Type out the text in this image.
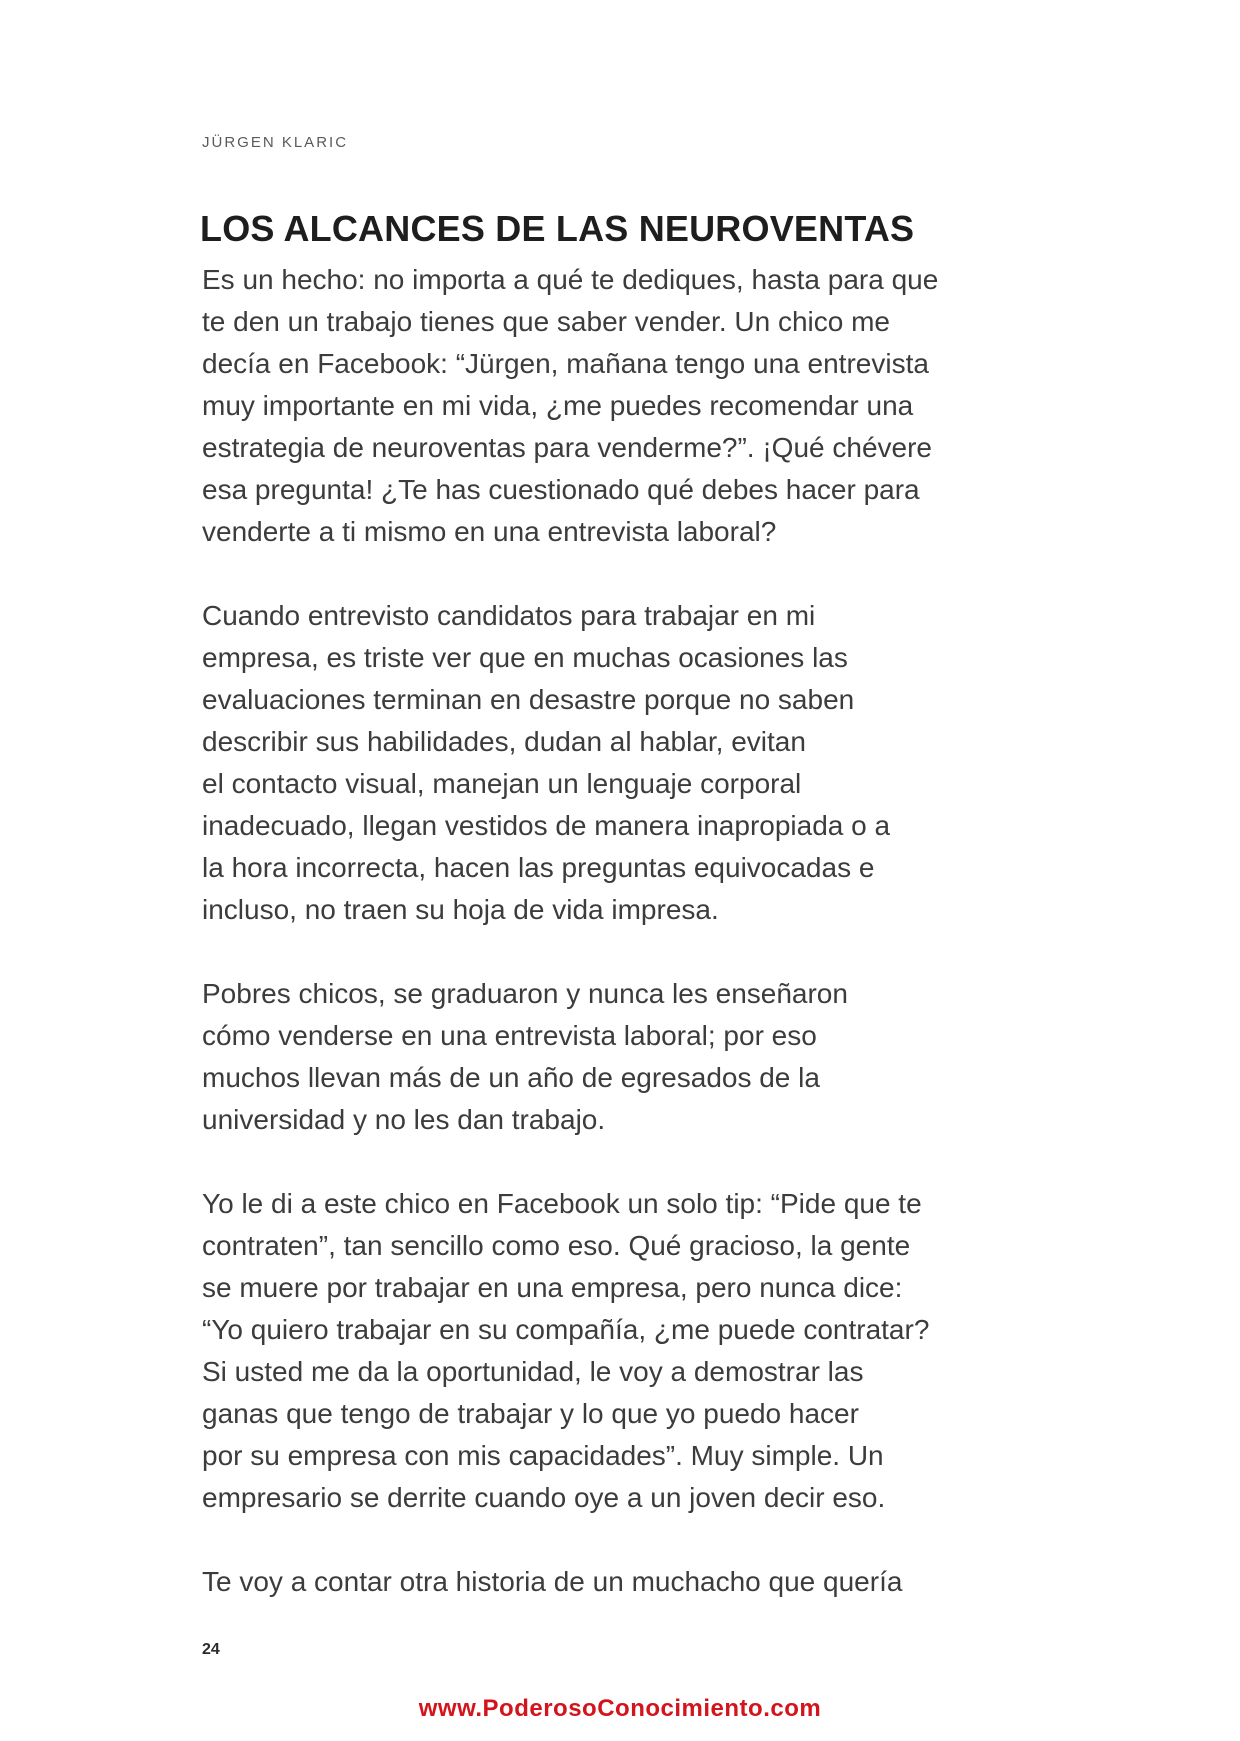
JÜRGEN KLARIC
LOS ALCANCES DE LAS NEUROVENTAS

Es un hecho: no importa a qué te dediques, hasta para que
te den un trabajo tienes que saber vender. Un chico me
decía en Facebook: “Jürgen, mañana tengo una entrevista
muy importante en mi vida, ¿me puedes recomendar una
estrategia de neuroventas para venderme?”. ¡Qué chévere
esa pregunta! ¿Te has cuestionado qué debes hacer para
venderte a ti mismo en una entrevista laboral?

Cuando entrevisto candidatos para trabajar en mi
empresa, es triste ver que en muchas ocasiones las
evaluaciones terminan en desastre porque no saben
describir sus habilidades, dudan al hablar, evitan
el contacto visual, manejan un lenguaje corporal
inadecuado, llegan vestidos de manera inapropiada o a
la hora incorrecta, hacen las preguntas equivocadas e
incluso, no traen su hoja de vida impresa.

Pobres chicos, se graduaron y nunca les enseñaron
cómo venderse en una entrevista laboral; por eso
muchos llevan más de un año de egresados de la
universidad y no les dan trabajo.

Yo le di a este chico en Facebook un solo tip: “Pide que te
contraten”, tan sencillo como eso. Qué gracioso, la gente
se muere por trabajar en una empresa, pero nunca dice:
“Yo quiero trabajar en su compañía, ¿me puede contratar?
Si usted me da la oportunidad, le voy a demostrar las
ganas que tengo de trabajar y lo que yo puedo hacer
por su empresa con mis capacidades”. Muy simple. Un
empresario se derrite cuando oye a un joven decir eso.

Te voy a contar otra historia de un muchacho que quería

24
www.PoderosoConocimiento.com
